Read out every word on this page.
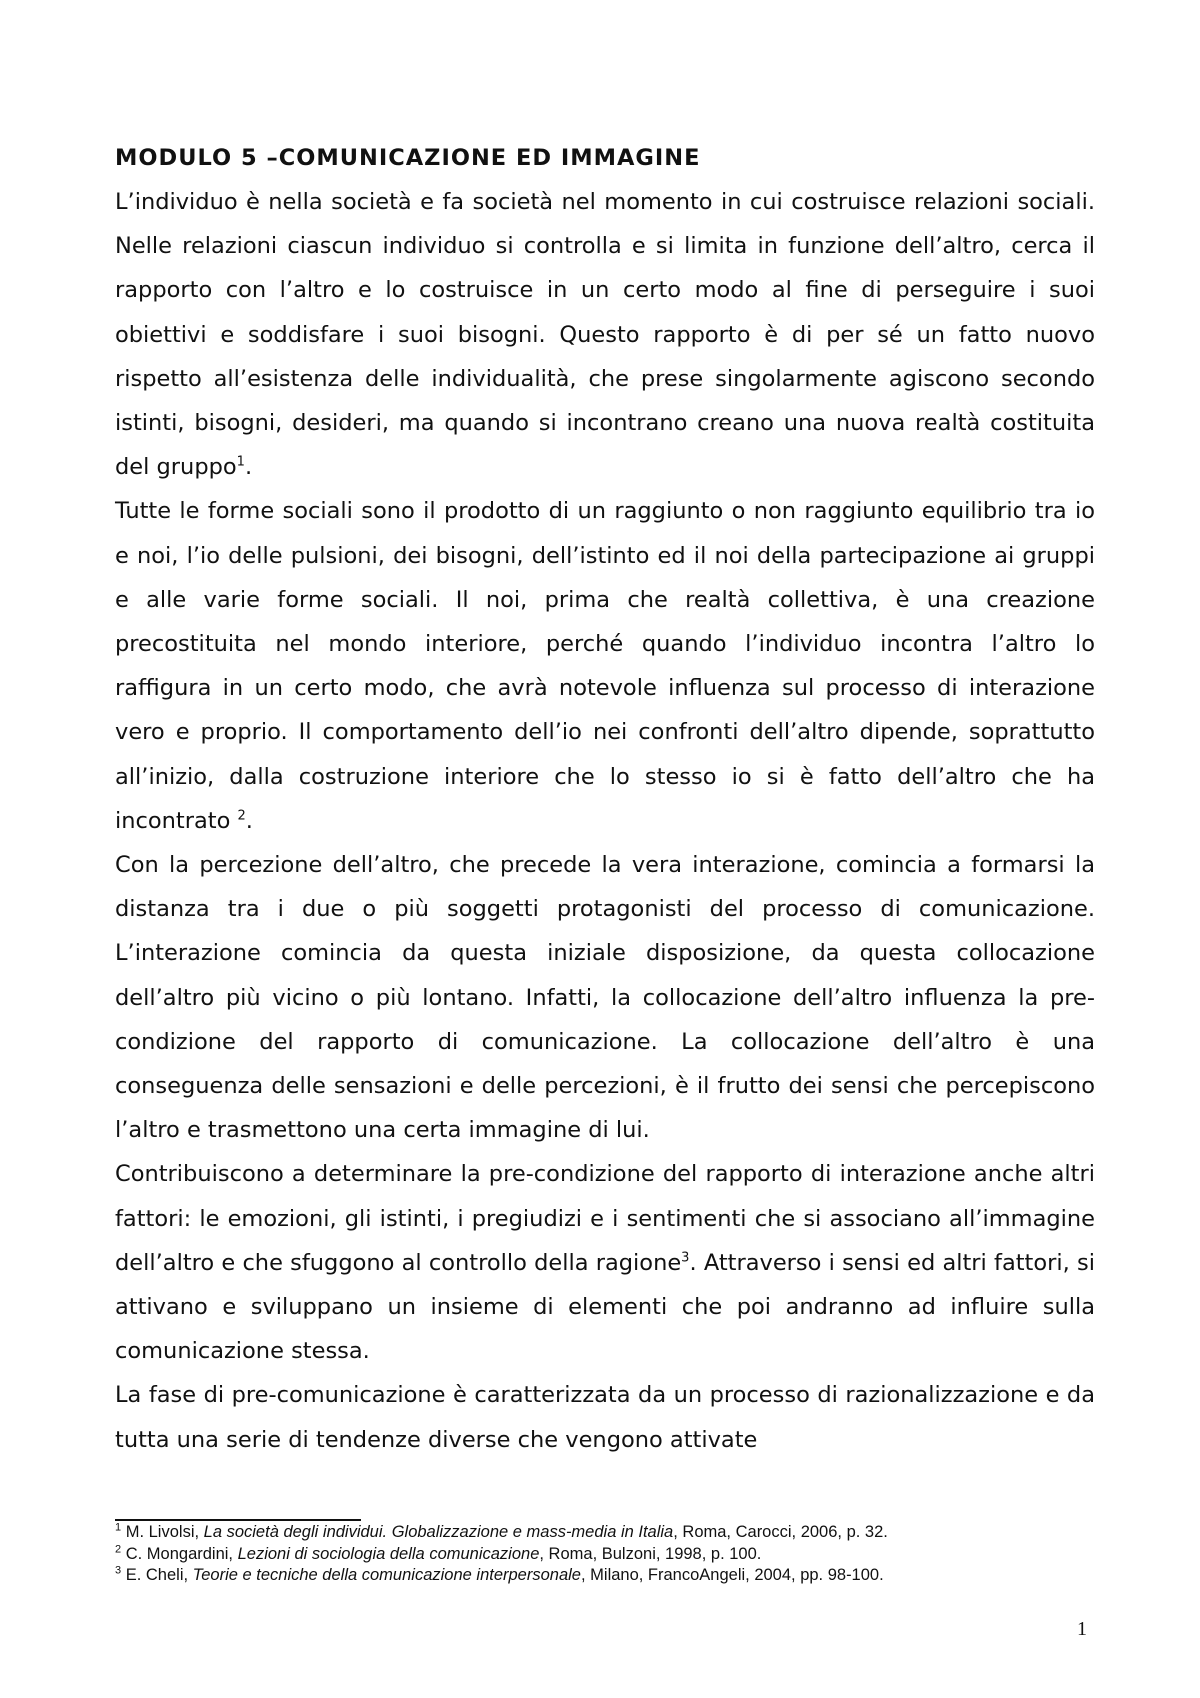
MODULO 5 –COMUNICAZIONE ED IMMAGINE

L’individuo è nella società e fa società nel momento in cui costruisce relazioni sociali. Nelle relazioni ciascun individuo si controlla e si limita in funzione dell’altro, cerca il rapporto con l’altro e lo costruisce in un certo modo al fine di perseguire i suoi obiettivi e soddisfare i suoi bisogni. Questo rapporto è di per sé un fatto nuovo rispetto all’esistenza delle individualità, che prese singolarmente agiscono secondo istinti, bisogni, desideri, ma quando si incontrano creano una nuova realtà costituita del gruppo$^1$.

Tutte le forme sociali sono il prodotto di un raggiunto o non raggiunto equilibrio tra io e noi, l’io delle pulsioni, dei bisogni, dell’istinto ed il noi della partecipazione ai gruppi e alle varie forme sociali. Il noi, prima che realtà collettiva, è una creazione precostituita nel mondo interiore, perché quando l’individuo incontra l’altro lo raffigura in un certo modo, che avrà notevole influenza sul processo di interazione vero e proprio. Il comportamento dell’io nei confronti dell’altro dipende, soprattutto all’inizio, dalla costruzione interiore che lo stesso io si è fatto dell’altro che ha incontrato $^2$.

Con la percezione dell’altro, che precede la vera interazione, comincia a formarsi la distanza tra i due o più soggetti protagonisti del processo di comunicazione. L’interazione comincia da questa iniziale disposizione, da questa collocazione dell’altro più vicino o più lontano. Infatti, la collocazione dell’altro influenza la pre-condizione del rapporto di comunicazione. La collocazione dell’altro è una conseguenza delle sensazioni e delle percezioni, è il frutto dei sensi che percepiscono l’altro e trasmettono una certa immagine di lui.

Contribuiscono a determinare la pre-condizione del rapporto di interazione anche altri fattori: le emozioni, gli istinti, i pregiudizi e i sentimenti che si associano all’immagine dell’altro e che sfuggono al controllo della ragione$^3$. Attraverso i sensi ed altri fattori, si attivano e sviluppano un insieme di elementi che poi andranno ad influire sulla comunicazione stessa.

La fase di pre-comunicazione è caratterizzata da un processo di razionalizzazione e da tutta una serie di tendenze diverse che vengono attivate

$^1$ M. Livolsi, La società degli individui. Globalizzazione e mass-media in Italia, Roma, Carocci, 2006, p. 32.

$^2$ C. Mongardini, Lezioni di sociologia della comunicazione, Roma, Bulzoni, 1998, p. 100.

$^3$ E. Cheli, Teorie e tecniche della comunicazione interpersonale, Milano, FrancoAngeli, 2004, pp. 98-100.

1
